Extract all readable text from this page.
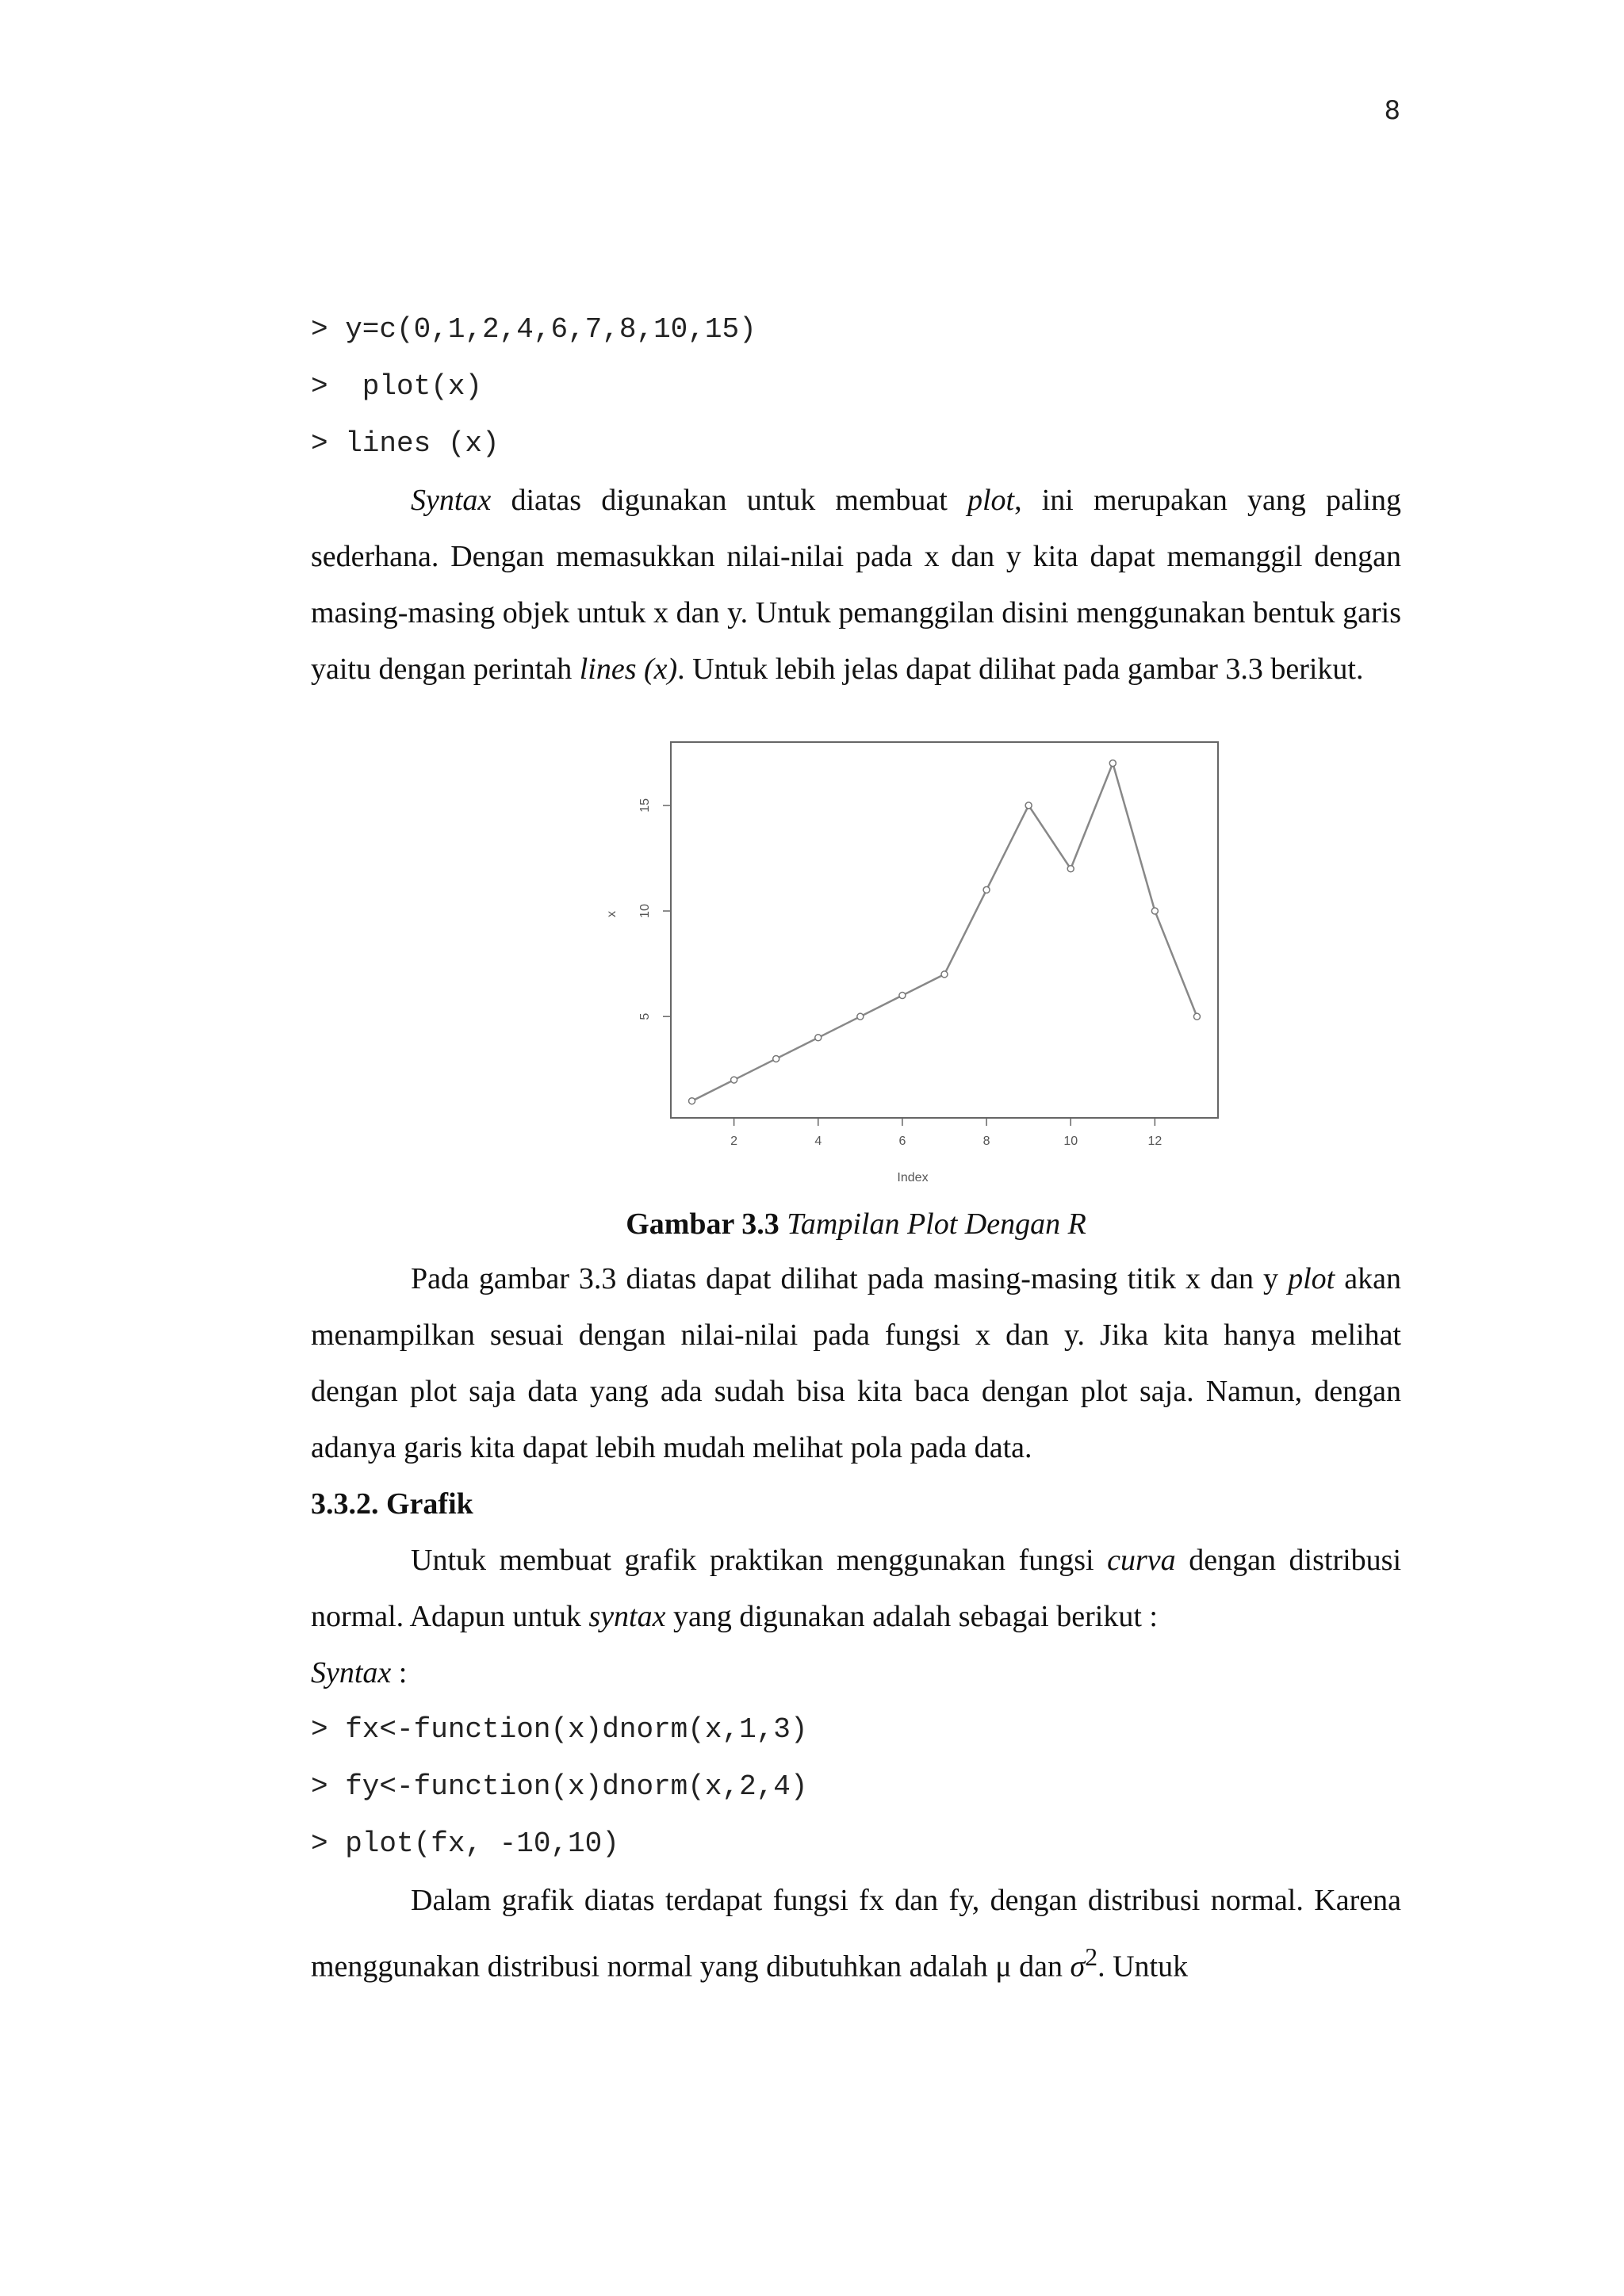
8
> y=c(0,1,2,4,6,7,8,10,15)
>  plot(x)
> lines (x)

Syntax diatas digunakan untuk membuat plot, ini merupakan yang paling sederhana. Dengan memasukkan nilai-nilai pada x dan y kita dapat memanggil dengan masing-masing objek untuk x dan y. Untuk pemanggilan disini menggunakan bentuk garis yaitu dengan perintah lines (x). Untuk lebih jelas dapat dilihat pada gambar 3.3 berikut.

2	4	6	8	10	12
5
10
15
Index
x
Gambar 3.3 Tampilan Plot Dengan R

Pada gambar 3.3 diatas dapat dilihat pada masing-masing titik x dan y plot akan menampilkan sesuai dengan nilai-nilai pada fungsi x dan y. Jika kita hanya melihat dengan plot saja data yang ada sudah bisa kita baca dengan plot saja. Namun, dengan adanya garis kita dapat lebih mudah melihat pola pada data.

3.3.2. Grafik

Untuk membuat grafik praktikan menggunakan fungsi curva dengan distribusi normal. Adapun untuk syntax yang digunakan adalah sebagai berikut :

Syntax :

> fx<-function(x)dnorm(x,1,3)
> fy<-function(x)dnorm(x,2,4)
> plot(fx, -10,10)

Dalam grafik diatas terdapat fungsi fx dan fy, dengan distribusi normal. Karena menggunakan distribusi normal yang dibutuhkan adalah μ dan $\sigma^2$. Untuk
